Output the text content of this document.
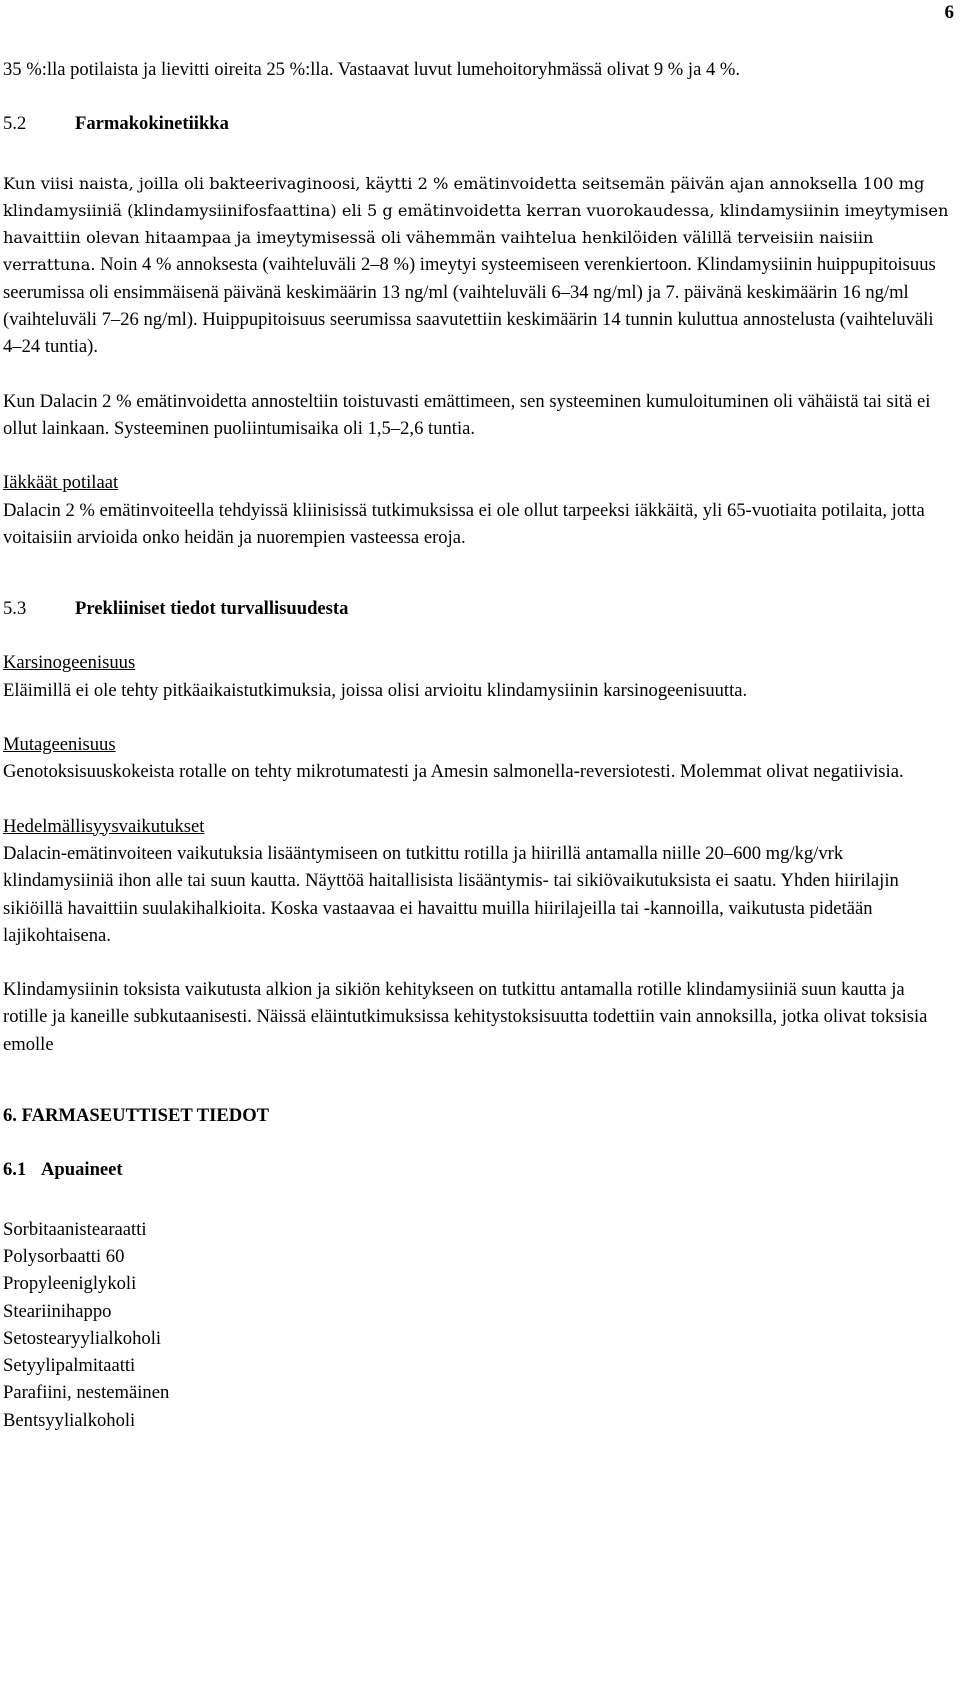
6

35 %:lla potilaista ja lievitti oireita 25 %:lla. Vastaavat luvut lumehoitoryhmässä olivat 9 % ja 4 %.

5.2	Farmakokinetiikka

Kun viisi naista, joilla oli bakteerivaginoosi, käytti 2 % emätinvoidetta seitsemän päivän ajan annoksella 100 mg klindamysiiniä (klindamysiinifosfaattina) eli 5 g emätinvoidetta kerran vuorokaudessa, klindamysiinin imeytymisen havaittiin olevan hitaampaa ja imeytymisessä oli vähemmän vaihtelua henkilöiden välillä terveisiin naisiin verrattuna. Noin 4 % annoksesta (vaihteluväli 2–8 %) imeytyi systeemiseen verenkiertoon. Klindamysiinin huippupitoisuus seerumissa oli ensimmäisenä päivänä keskimäärin 13 ng/ml (vaihteluväli 6–34 ng/ml) ja 7. päivänä keskimäärin 16 ng/ml (vaihteluväli 7–26 ng/ml). Huippupitoisuus seerumissa saavutettiin keskimäärin 14 tunnin kuluttua annostelusta (vaihteluväli 4–24 tuntia).

Kun Dalacin 2 % emätinvoidetta annosteltiin toistuvasti emättimeen, sen systeeminen kumuloituminen oli vähäistä tai sitä ei ollut lainkaan. Systeeminen puoliintumisaika oli 1,5–2,6 tuntia.

Iäkkäät potilaat

Dalacin 2 % emätinvoiteella tehdyissä kliinisissä tutkimuksissa ei ole ollut tarpeeksi iäkkäitä, yli 65-vuotiaita potilaita, jotta voitaisiin arvioida onko heidän ja nuorempien vasteessa eroja.

5.3	Prekliiniset tiedot turvallisuudesta

Karsinogeenisuus

Eläimillä ei ole tehty pitkäaikaistutkimuksia, joissa olisi arvioitu klindamysiinin karsinogeenisuutta.

Mutageenisuus

Genotoksisuuskokeista rotalle on tehty mikrotumatesti ja Amesin salmonella-reversiotesti. Molemmat olivat negatiivisia.

Hedelmällisyysvaikutukset

Dalacin-emätinvoiteen vaikutuksia lisääntymiseen on tutkittu rotilla ja hiirillä antamalla niille 20–600 mg/kg/vrk klindamysiiniä ihon alle tai suun kautta. Näyttöä haitallisista lisääntymis- tai sikiövaikutuksista ei saatu. Yhden hiirilajin sikiöillä havaittiin suulakihalkioita. Koska vastaavaa ei havaittu muilla hiirilajeilla tai -kannoilla, vaikutusta pidetään lajikohtaisena.

Klindamysiinin toksista vaikutusta alkion ja sikiön kehitykseen on tutkittu antamalla rotille klindamysiiniä suun kautta ja rotille ja kaneille subkutaanisesti. Näissä eläintutkimuksissa kehitystoksisuutta todettiin vain annoksilla, jotka olivat toksisia emolle

6. FARMASEUTTISET TIEDOT

6.1 Apuaineet

Sorbitaanistearaatti
Polysorbaatti 60
Propyleeniglykoli
Steariinihappo
Setostearyylialkoholi
Setyylipalmitaatti
Parafiini, nestemäinen
Bentsyylialkoholi
